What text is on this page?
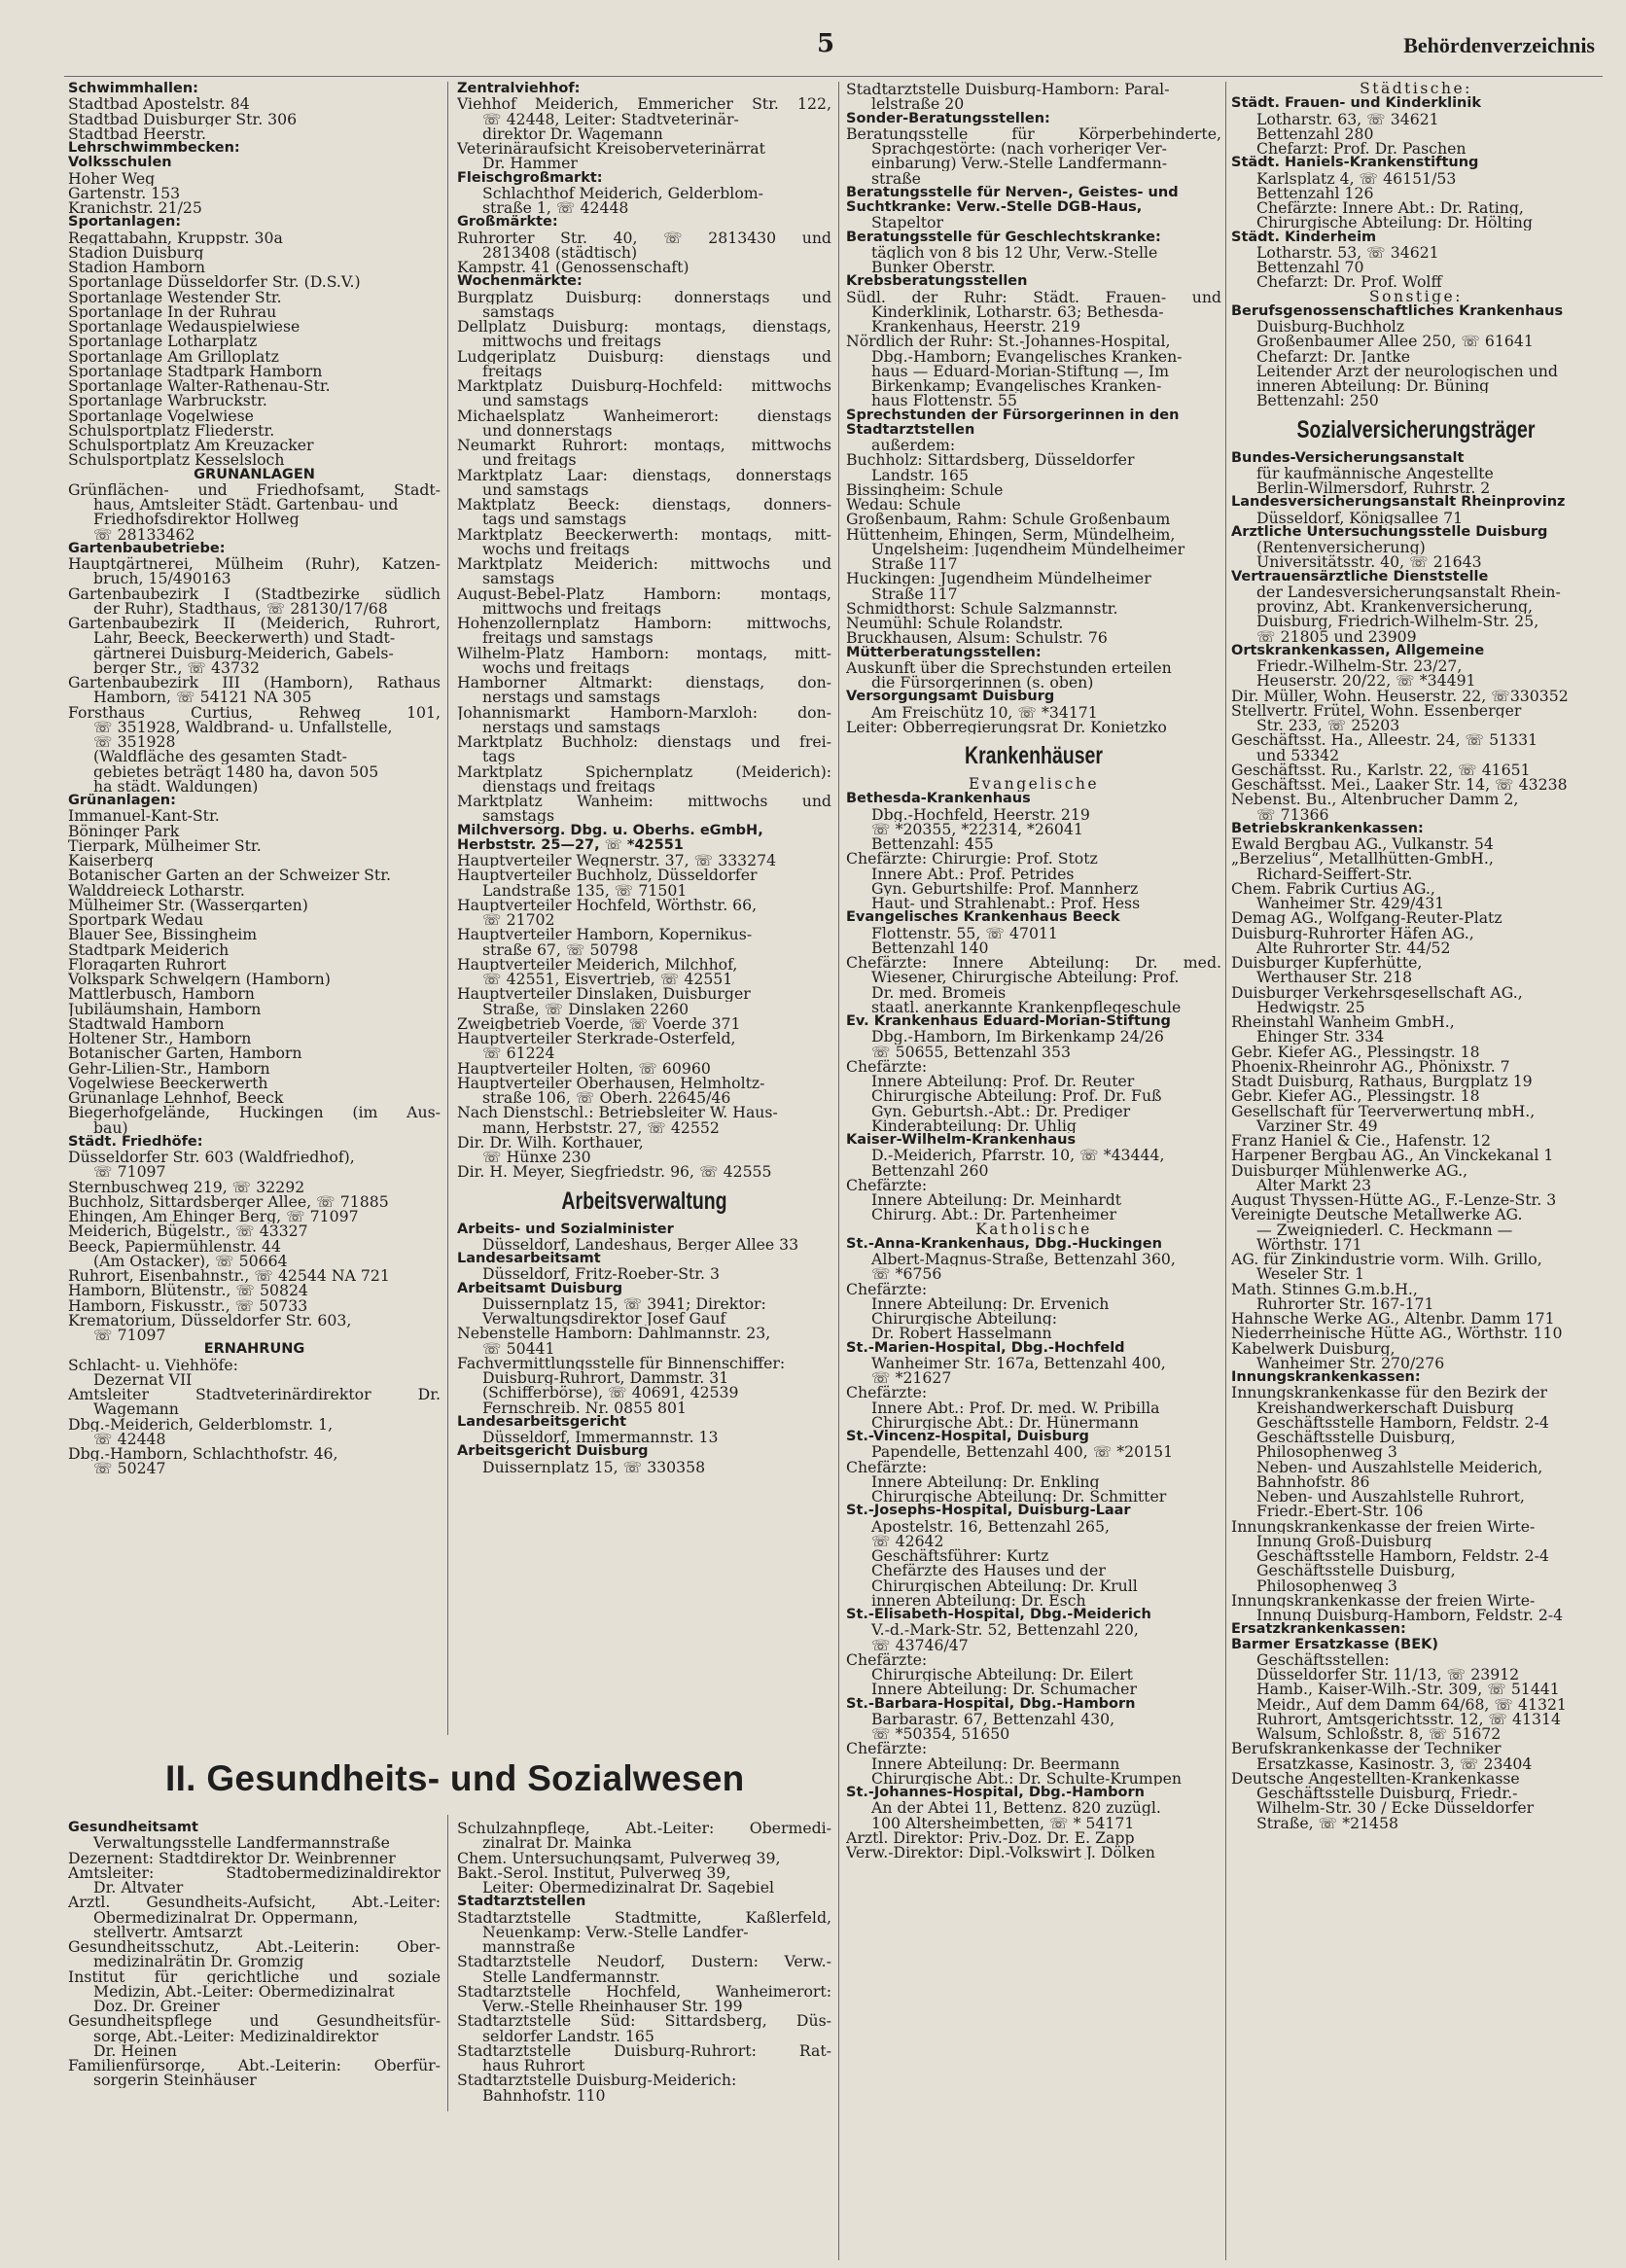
5	Behördenverzeichnis
Schwimmhallen:
Stadtbad Apostelstr. 84
Stadtbad Duisburger Str. 306
Stadtbad Heerstr.
Lehrschwimmbecken:
Volksschulen
Hoher Weg
Gartenstr. 153
Kranichstr. 21/25
Sportanlagen:
Regattabahn, Kruppstr. 30a
Stadion Duisburg
Stadion Hamborn
Sportanlage Düsseldorfer Str. (D.S.V.)
Sportanlage Westender Str.
Sportanlage In der Ruhrau
Sportanlage Wedauspielwiese
Sportanlage Lotharplatz
Sportanlage Am Grilloplatz
Sportanlage Stadtpark Hamborn
Sportanlage Walter-Rathenau-Str.
Sportanlage Warbruckstr.
Sportanlage Vogelwiese
Schulsportplatz Fliederstr.
Schulsportplatz Am Kreuzacker
Schulsportplatz Kesselsloch
GRÜNANLAGEN
Grünflächen- und Friedhofsamt, Stadt-
haus, Amtsleiter Städt. Gartenbau- und
Friedhofsdirektor Hollweg
☏ 28133462
Gartenbaubetriebe:
Hauptgärtnerei, Mülheim (Ruhr), Katzen-
bruch, 15/490163
Gartenbaubezirk I (Stadtbezirke südlich
der Ruhr), Stadthaus, ☏ 28130/17/68
Gartenbaubezirk II (Meiderich, Ruhrort,
Lahr, Beeck, Beeckerwerth) und Stadt-
gärtnerei Duisburg-Meiderich, Gabels-
berger Str., ☏ 43732
Gartenbaubezirk III (Hamborn), Rathaus
Hamborn, ☏ 54121 NA 305
Forsthaus	Curtius,	Rehweg	101,
☏ 351928, Waldbrand- u. Unfallstelle,
☏ 351928
(Waldfläche des gesamten Stadt-
gebietes beträgt 1480 ha, davon 505
ha städt. Waldungen)
Grünanlagen:
Immanuel-Kant-Str.
Böninger Park
Tierpark, Mülheimer Str.
Kaiserberg
Botanischer Garten an der Schweizer Str.
Walddreieck Lotharstr.
Mülheimer Str. (Wassergarten)
Sportpark Wedau
Blauer See, Bissingheim
Stadtpark Meiderich
Floragarten Ruhrort
Volkspark Schwelgern (Hamborn)
Mattlerbusch, Hamborn
Jubiläumshain, Hamborn
Stadtwald Hamborn
Holtener Str., Hamborn
Botanischer Garten, Hamborn
Gehr-Lilien-Str., Hamborn
Vogelwiese Beeckerwerth
Grünanlage Lehnhof, Beeck
Biegerhofgelände, Huckingen (im Aus-
bau)
Städt. Friedhöfe:
Düsseldorfer Str. 603 (Waldfriedhof),
☏ 71097
Sternbuschweg 219, ☏ 32292
Buchholz, Sittardsberger Allee, ☏ 71885
Ehingen, Am Ehinger Berg, ☏ 71097
Meiderich, Bügelstr., ☏ 43327
Beeck, Papiermühlenstr. 44
(Am Ostacker), ☏ 50664
Ruhrort, Eisenbahnstr., ☏ 42544 NA 721
Hamborn, Blütenstr., ☏ 50824
Hamborn, Fiskusstr., ☏ 50733
Krematorium, Düsseldorfer Str. 603,
☏ 71097
ERNÄHRUNG
Schlacht- u. Viehhöfe:
Dezernat VII
Amtsleiter	Stadtveterinärdirektor	Dr.
Wagemann
Dbg.-Meiderich, Gelderblomstr. 1,
☏ 42448
Dbg.-Hamborn, Schlachthofstr. 46,
☏ 50247
Zentralviehhof:
Viehhof Meiderich, Emmericher Str. 122,
☏ 42448, Leiter: Stadtveterinär-
direktor Dr. Wagemann
Veterinäraufsicht Kreisoberveterinärrat
Dr. Hammer
Fleischgroßmarkt:
Schlachthof Meiderich, Gelderblom-
straße 1, ☏ 42448
Großmärkte:
Ruhrorter Str. 40, ☏ 2813430 und
2813408 (städtisch)
Kampstr. 41 (Genossenschaft)
Wochenmärkte:
Burgplatz Duisburg: donnerstags und
samstags
Dellplatz Duisburg: montags, dienstags,
mittwochs und freitags
Ludgeriplatz Duisburg: dienstags und
freitags
Marktplatz Duisburg-Hochfeld: mittwochs
und samstags
Michaelsplatz	Wanheimerort:	dienstags
und donnerstags
Neumarkt Ruhrort: montags, mittwochs
und freitags
Marktplatz Laar: dienstags, donnerstags
und samstags
Maktplatz Beeck: dienstags, donners-
tags und samstags
Marktplatz Beeckerwerth: montags, mitt-
wochs und freitags
Marktplatz Meiderich: mittwochs und
samstags
August-Bebel-Platz	Hamborn:	montags,
mittwochs und freitags
Hohenzollernplatz Hamborn: mittwochs,
freitags und samstags
Wilhelm-Platz Hamborn: montags, mitt-
wochs und freitags
Hamborner Altmarkt: dienstags, don-
nerstags und samstags
Johannismarkt	Hamborn-Marxloh:	don-
nerstags und samstags
Marktplatz Buchholz: dienstags und frei-
tags
Marktplatz	Spichernplatz	(Meiderich):
dienstags und freitags
Marktplatz Wanheim: mittwochs und
samstags
Milchversorg. Dbg. u. Oberhs. eGmbH,
Herbststr. 25—27, ☏ *42551
Hauptverteiler Wegnerstr. 37, ☏ 333274
Hauptverteiler Buchholz, Düsseldorfer
Landstraße 135, ☏ 71501
Hauptverteiler Hochfeld, Wörthstr. 66,
☏ 21702
Hauptverteiler Hamborn, Kopernikus-
straße 67, ☏ 50798
Hauptverteiler Meiderich, Milchhof,
☏ 42551, Eisvertrieb, ☏ 42551
Hauptverteiler Dinslaken, Duisburger
Straße, ☏ Dinslaken 2260
Zweigbetrieb Voerde, ☏ Voerde 371
Hauptverteiler Sterkrade-Osterfeld,
☏ 61224
Hauptverteiler Holten, ☏ 60960
Hauptverteiler Oberhausen, Helmholtz-
straße 106, ☏ Oberh. 22645/46
Nach Dienstschl.: Betriebsleiter W. Haus-
mann, Herbststr. 27, ☏ 42552
Dir. Dr. Wilh. Korthauer,
☏ Hünxe 230
Dir. H. Meyer, Siegfriedstr. 96, ☏ 42555
Arbeitsverwaltung
Arbeits- und Sozialminister
Düsseldorf, Landeshaus, Berger Allee 33
Landesarbeitsamt
Düsseldorf, Fritz-Roeber-Str. 3
Arbeitsamt Duisburg
Duissernplatz 15, ☏ 3941; Direktor:
Verwaltungsdirektor Josef Gauf
Nebenstelle Hamborn: Dahlmannstr. 23,
☏ 50441
Fachvermittlungsstelle für Binnenschiffer:
Duisburg-Ruhrort, Dammstr. 31
(Schifferbörse), ☏ 40691, 42539
Fernschreib. Nr. 0855 801
Landesarbeitsgericht
Düsseldorf, Immermannstr. 13
Arbeitsgericht Duisburg
Duissernplatz 15, ☏ 330358
Stadtarztstelle Duisburg-Hamborn: Paral-
lelstraße 20
Sonder-Beratungsstellen:
Beratungsstelle	für	Körperbehinderte,
Sprachgestörte: (nach vorheriger Ver-
einbarung) Verw.-Stelle Landfermann-
straße
Beratungsstelle für Nerven-, Geistes- und
Suchtkranke: Verw.-Stelle DGB-Haus,
Stapeltor
Beratungsstelle für Geschlechtskranke:
täglich von 8 bis 12 Uhr, Verw.-Stelle
Bunker Oberstr.
Krebsberatungsstellen
Südl. der Ruhr: Städt. Frauen- und
Kinderklinik, Lotharstr. 63; Bethesda-
Krankenhaus, Heerstr. 219
Nördlich der Ruhr: St.-Johannes-Hospital,
Dbg.-Hamborn; Evangelisches Kranken-
haus — Eduard-Morian-Stiftung —, Im
Birkenkamp; Evangelisches Kranken-
haus Flottenstr. 55
Sprechstunden der Fürsorgerinnen in den
Stadtarztstellen
außerdem:
Buchholz: Sittardsberg, Düsseldorfer
Landstr. 165
Bissingheim: Schule
Wedau: Schule
Großenbaum, Rahm: Schule Großenbaum
Hüttenheim, Ehingen, Serm, Mündelheim,
Ungelsheim: Jugendheim Mündelheimer
Straße 117
Huckingen: Jugendheim Mündelheimer
Straße 117
Schmidthorst: Schule Salzmannstr.
Neumühl: Schule Rolandstr.
Bruckhausen, Alsum: Schulstr. 76
Mütterberatungsstellen:
Auskunft über die Sprechstunden erteilen
die Fürsorgerinnen (s. oben)
Versorgungsamt Duisburg
Am Freischütz 10, ☏ *34171
Leiter: Obberregierungsrat Dr. Konietzko
Krankenhäuser
Evangelische
Bethesda-Krankenhaus
Dbg.-Hochfeld, Heerstr. 219
☏ *20355, *22314, *26041
Bettenzahl: 455
Chefärzte: Chirurgie: Prof. Stotz
Innere Abt.: Prof. Petrides
Gyn. Geburtshilfe: Prof. Mannherz
Haut- und Strahlenabt.: Prof. Hess
Evangelisches Krankenhaus Beeck
Flottenstr. 55, ☏ 47011
Bettenzahl 140
Chefärzte: Innere Abteilung: Dr. med.
Wiesener, Chirurgische Abteilung: Prof.
Dr. med. Bromeis
staatl. anerkannte Krankenpflegeschule
Ev. Krankenhaus Eduard-Morian-Stiftung
Dbg.-Hamborn, Im Birkenkamp 24/26
☏ 50655, Bettenzahl 353
Chefärzte:
Innere Abteilung: Prof. Dr. Reuter
Chirurgische Abteilung: Prof. Dr. Fuß
Gyn. Geburtsh.-Abt.: Dr. Prediger
Kinderabteilung: Dr. Uhlig
Kaiser-Wilhelm-Krankenhaus
D.-Meiderich, Pfarrstr. 10, ☏ *43444,
Bettenzahl 260
Chefärzte:
Innere Abteilung: Dr. Meinhardt
Chirurg. Abt.: Dr. Partenheimer
Katholische
St.-Anna-Krankenhaus, Dbg.-Huckingen
Albert-Magnus-Straße, Bettenzahl 360,
☏ *6756
Chefärzte:
Innere Abteilung: Dr. Ervenich
Chirurgische Abteilung:
Dr. Robert Hasselmann
St.-Marien-Hospital, Dbg.-Hochfeld
Wanheimer Str. 167a, Bettenzahl 400,
☏ *21627
Chefärzte:
Innere Abt.: Prof. Dr. med. W. Pribilla
Chirurgische Abt.: Dr. Hünermann
St.-Vincenz-Hospital, Duisburg
Papendelle, Bettenzahl 400, ☏ *20151
Chefärzte:
Innere Abteilung: Dr. Enkling
Chirurgische Abteilung: Dr. Schmitter
St.-Josephs-Hospital, Duisburg-Laar
Apostelstr. 16, Bettenzahl 265,
☏ 42642
Geschäftsführer: Kurtz
Chefärzte des Hauses und der
Chirurgischen Abteilung: Dr. Krull
inneren Abteilung: Dr. Esch
St.-Elisabeth-Hospital, Dbg.-Meiderich
V.-d.-Mark-Str. 52, Bettenzahl 220,
☏ 43746/47
Chefärzte:
Chirurgische Abteilung: Dr. Eilert
Innere Abteilung: Dr. Schumacher
St.-Barbara-Hospital, Dbg.-Hamborn
Barbarastr. 67, Bettenzahl 430,
☏ *50354, 51650
Chefärzte:
Innere Abteilung: Dr. Beermann
Chirurgische Abt.: Dr. Schulte-Krumpen
St.-Johannes-Hospital, Dbg.-Hamborn
An der Abtei 11, Bettenz. 820 zuzügl.
100 Altersheimbetten, ☏ * 54171
Ärztl. Direktor: Priv.-Doz. Dr. E. Zapp
Verw.-Direktor: Dipl.-Volkswirt J. Dölken
Städtische:
Städt. Frauen- und Kinderklinik
Lotharstr. 63, ☏ 34621
Bettenzahl 280
Chefarzt: Prof. Dr. Paschen
Städt. Haniels-Krankenstiftung
Karlsplatz 4, ☏ 46151/53
Bettenzahl 126
Chefärzte: Innere Abt.: Dr. Rating,
Chirurgische Abteilung: Dr. Hölting
Städt. Kinderheim
Lotharstr. 53, ☏ 34621
Bettenzahl 70
Chefarzt: Dr. Prof. Wolff
Sonstige:
Berufsgenossenschaftliches Krankenhaus
Duisburg-Buchholz
Großenbaumer Allee 250, ☏ 61641
Chefarzt: Dr. Jantke
Leitender Arzt der neurologischen und
inneren Abteilung: Dr. Büning
Bettenzahl: 250
Sozialversicherungsträger
Bundes-Versicherungsanstalt
für kaufmännische Angestellte
Berlin-Wilmersdorf, Ruhrstr. 2
Landesversicherungsanstalt Rheinprovinz
Düsseldorf, Königsallee 71
Ärztliche Untersuchungsstelle Duisburg
(Rentenversicherung)
Universitätsstr. 40, ☏ 21643
Vertrauensärztliche Dienststelle
der Landesversicherungsanstalt Rhein-
provinz, Abt. Krankenversicherung,
Duisburg, Friedrich-Wilhelm-Str. 25,
☏ 21805 und 23909
Ortskrankenkassen, Allgemeine
Friedr.-Wilhelm-Str. 23/27,
Heuserstr. 20/22, ☏ *34491
Dir. Müller, Wohn. Heuserstr. 22, ☏330352
Stellvertr. Frütel, Wohn. Essenberger
Str. 233, ☏ 25203
Geschäftsst. Ha., Alleestr. 24, ☏ 51331
und 53342
Geschäftsst. Ru., Karlstr. 22, ☏ 41651
Geschäftsst. Mei., Laaker Str. 14, ☏ 43238
Nebenst. Bu., Altenbrucher Damm 2,
☏ 71366
Betriebskrankenkassen:
Ewald Bergbau AG., Vulkanstr. 54
„Berzelius“, Metallhütten-GmbH.,
Richard-Seiffert-Str.
Chem. Fabrik Curtius AG.,
Wanheimer Str. 429/431
Demag AG., Wolfgang-Reuter-Platz
Duisburg-Ruhrorter Häfen AG.,
Alte Ruhrorter Str. 44/52
Duisburger Kupferhütte,
Werthauser Str. 218
Duisburger Verkehrsgesellschaft AG.,
Hedwigstr. 25
Rheinstahl Wanheim GmbH.,
Ehinger Str. 334
Gebr. Kiefer AG., Plessingstr. 18
Phoenix-Rheinrohr AG., Phönixstr. 7
Stadt Duisburg, Rathaus, Burgplatz 19
Gebr. Kiefer AG., Plessingstr. 18
Gesellschaft für Teerverwertung mbH.,
Varziner Str. 49
Franz Haniel & Cie., Hafenstr. 12
Harpener Bergbau AG., An Vinckekanal 1
Duisburger Mühlenwerke AG.,
Alter Markt 23
August Thyssen-Hütte AG., F.-Lenze-Str. 3
Vereinigte Deutsche Metallwerke AG.
— Zweigniederl. C. Heckmann —
Wörthstr. 171
AG. für Zinkindustrie vorm. Wilh. Grillo,
Weseler Str. 1
Math. Stinnes G.m.b.H.,
Ruhrorter Str. 167-171
Hahnsche Werke AG., Altenbr. Damm 171
Niederrheinische Hütte AG., Wörthstr. 110
Kabelwerk Duisburg,
Wanheimer Str. 270/276
Innungskrankenkassen:
Innungskrankenkasse für den Bezirk der
Kreishandwerkerschaft Duisburg
Geschäftsstelle Hamborn, Feldstr. 2-4
Geschäftsstelle Duisburg,
Philosophenweg 3
Neben- und Auszahlstelle Meiderich,
Bahnhofstr. 86
Neben- und Auszahlstelle Ruhrort,
Friedr.-Ebert-Str. 106
Innungskrankenkasse der freien Wirte-
Innung Groß-Duisburg
Geschäftsstelle Hamborn, Feldstr. 2-4
Geschäftsstelle Duisburg,
Philosophenweg 3
Innungskrankenkasse der freien Wirte-
Innung Duisburg-Hamborn, Feldstr. 2-4
Ersatzkrankenkassen:
Barmer Ersatzkasse (BEK)
Geschäftsstellen:
Düsseldorfer Str. 11/13, ☏ 23912
Hamb., Kaiser-Wilh.-Str. 309, ☏ 51441
Meidr., Auf dem Damm 64/68, ☏ 41321
Ruhrort, Amtsgerichtsstr. 12, ☏ 41314
Walsum, Schloßstr. 8, ☏ 51672
Berufskrankenkasse der Techniker
Ersatzkasse, Kasinostr. 3, ☏ 23404
Deutsche Angestellten-Krankenkasse
Geschäftsstelle Duisburg, Friedr.-
Wilhelm-Str. 30 / Ecke Düsseldorfer
Straße, ☏ *21458
II. Gesundheits- und Sozialwesen
Gesundheitsamt
Verwaltungsstelle Landfermannstraße
Dezernent: Stadtdirektor Dr. Weinbrenner
Amtsleiter:	Stadtobermedizinaldirektor
Dr. Altvater
Ärztl. Gesundheits-Aufsicht, Abt.-Leiter:
Obermedizinalrat Dr. Oppermann,
stellvertr. Amtsarzt
Gesundheitsschutz, Abt.-Leiterin: Ober-
medizinalrätin Dr. Gromzig
Institut für gerichtliche und soziale
Medizin, Abt.-Leiter: Obermedizinalrat
Doz. Dr. Greiner
Gesundheitspflege und Gesundheitsfür-
sorge, Abt.-Leiter: Medizinaldirektor
Dr. Heinen
Familienfürsorge, Abt.-Leiterin: Oberfür-
sorgerin Steinhäuser
Schulzahnpflege, Abt.-Leiter: Obermedi-
zinalrat Dr. Mainka
Chem. Untersuchungsamt, Pulverweg 39,
Bakt.-Serol. Institut, Pulverweg 39,
Leiter: Obermedizinalrat Dr. Sagebiel
Stadtarztstellen
Stadtarztstelle	Stadtmitte,	Kaßlerfeld,
Neuenkamp: Verw.-Stelle Landfer-
mannstraße
Stadtarztstelle Neudorf, Dustern: Verw.-
Stelle Landfermannstr.
Stadtarztstelle Hochfeld, Wanheimerort:
Verw.-Stelle Rheinhauser Str. 199
Stadtarztstelle Süd: Sittardsberg, Düs-
seldorfer Landstr. 165
Stadtarztstelle	Duisburg-Ruhrort:	Rat-
haus Ruhrort
Stadtarztstelle Duisburg-Meiderich:
Bahnhofstr. 110
